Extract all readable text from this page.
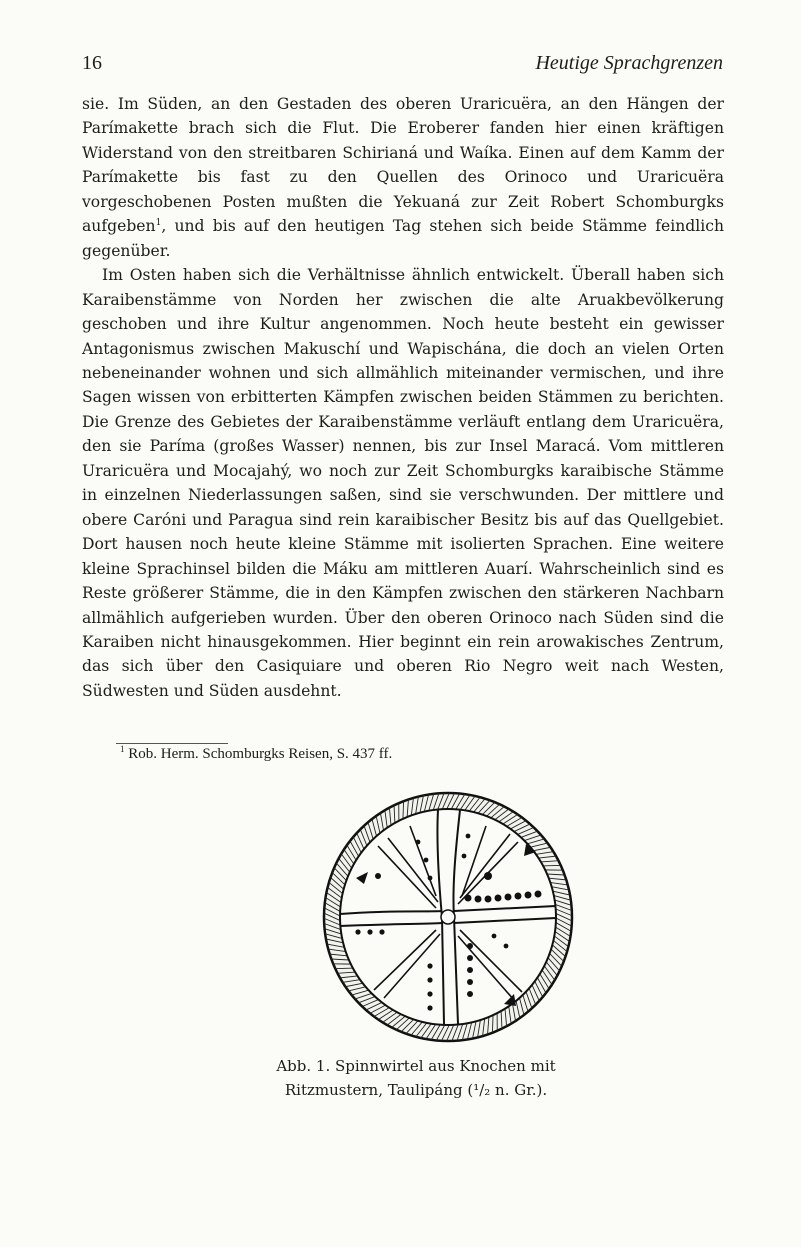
16	Heutige Sprachgrenzen

sie. Im Süden, an den Gestaden des oberen Uraricuëra, an den Hängen der Parímakette brach sich die Flut. Die Eroberer fanden hier einen kräftigen Widerstand von den streitbaren Schirianá und Waíka. Einen auf dem Kamm der Parímakette bis fast zu den Quellen des Orinoco und Uraricuëra vorgeschobenen Posten mußten die Yekuaná zur Zeit Robert Schomburgks aufgeben$^1$, und bis auf den heutigen Tag stehen sich beide Stämme feindlich gegenüber.

Im Osten haben sich die Verhältnisse ähnlich entwickelt. Überall haben sich Karaibenstämme von Norden her zwischen die alte Aruakbevölkerung geschoben und ihre Kultur angenommen. Noch heute besteht ein gewisser Antagonismus zwischen Makuschí und Wapischána, die doch an vielen Orten nebeneinander wohnen und sich allmählich miteinander vermischen, und ihre Sagen wissen von erbitterten Kämpfen zwischen beiden Stämmen zu berichten. Die Grenze des Gebietes der Karaibenstämme verläuft entlang dem Uraricuëra, den sie Paríma (großes Wasser) nennen, bis zur Insel Maracá. Vom mittleren Uraricuëra und Mocajahý, wo noch zur Zeit Schomburgks karaibische Stämme in einzelnen Niederlassungen saßen, sind sie verschwunden. Der mittlere und obere Caróni und Paragua sind rein karaibischer Besitz bis auf das Quellgebiet. Dort hausen noch heute kleine Stämme mit isolierten Sprachen. Eine weitere kleine Sprachinsel bilden die Máku am mittleren Auarí. Wahrscheinlich sind es Reste größerer Stämme, die in den Kämpfen zwischen den stärkeren Nachbarn allmählich aufgerieben wurden. Über den oberen Orinoco nach Süden sind die Karaiben nicht hinausgekommen. Hier beginnt ein rein arowakisches Zentrum, das sich über den Casiquiare und oberen Rio Negro weit nach Westen, Südwesten und Süden ausdehnt.

$^1$ Rob. Herm. Schomburgks Reisen, S. 437 ff.
Abb. 1. Spinnwirtel aus Knochen mit
Ritzmustern, Taulipáng (¹/₂ n. Gr.).
